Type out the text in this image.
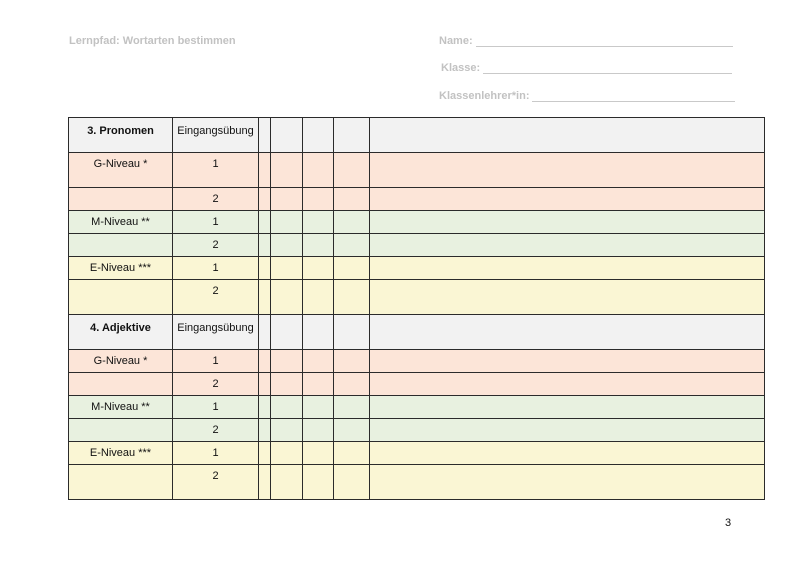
Lernpfad: Wortarten bestimmen	Name:
Klasse:
Klassenlehrer*in:
3. Pronomen	Eingangsübung					
G-Niveau *	1					
	2					
M-Niveau **	1					
	2					
E-Niveau ***	1					
	2					
4. Adjektive	Eingangsübung					
G-Niveau *	1					
	2					
M-Niveau **	1					
	2					
E-Niveau ***	1					
	2					
3
